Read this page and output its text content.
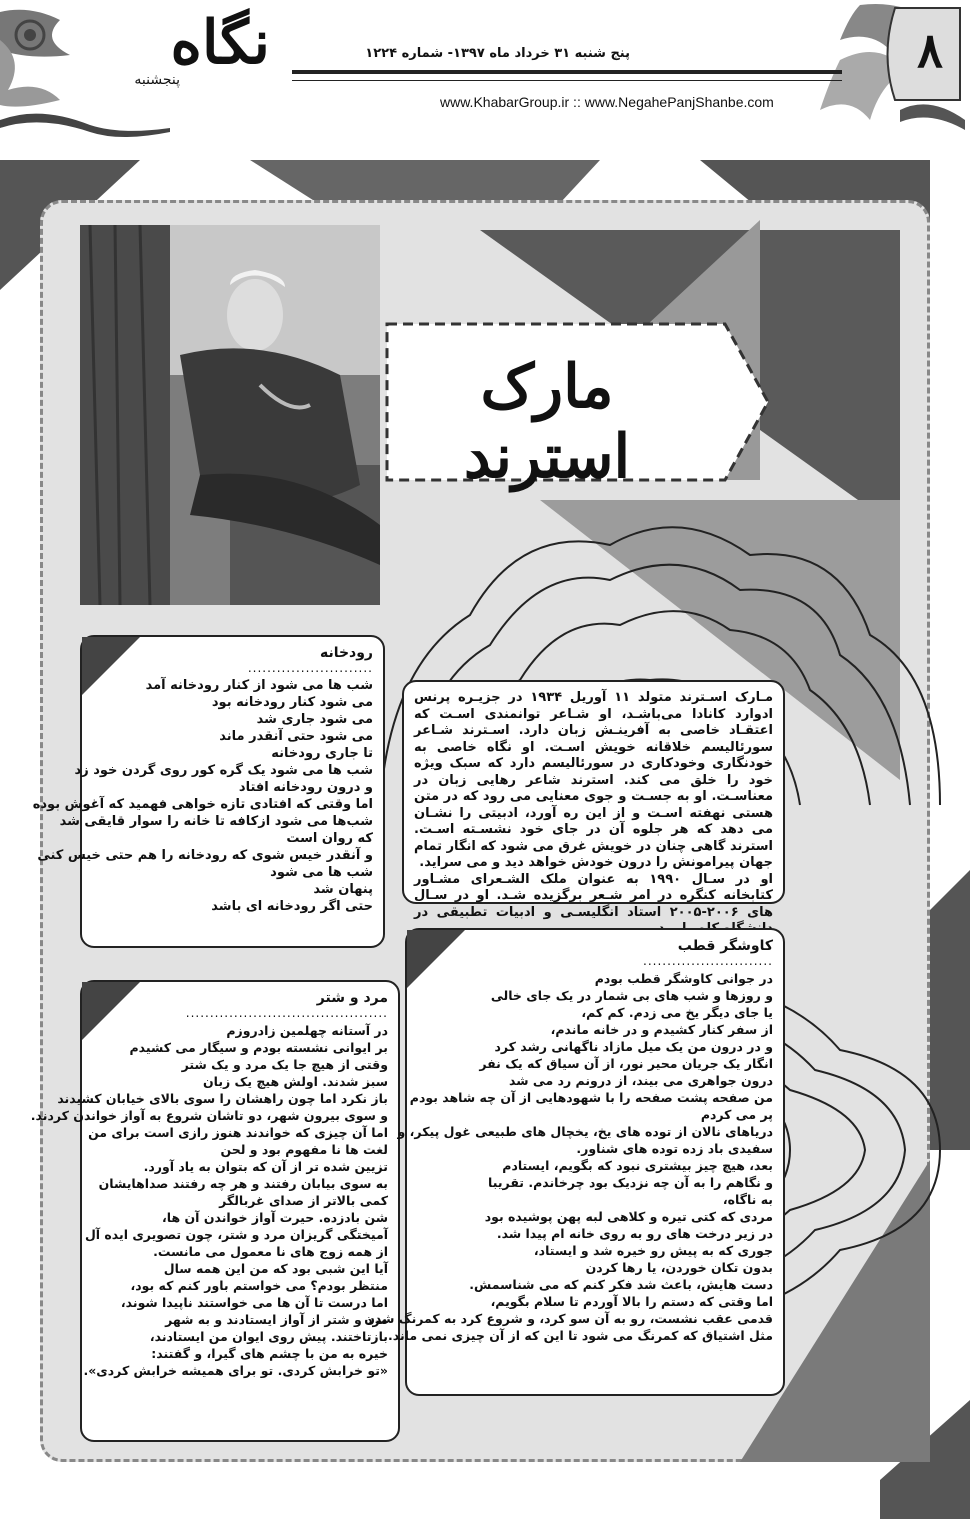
نگاه
پنجشنبه
پنج شنبه ۳۱ خرداد ماه ۱۳۹۷- شماره ۱۲۲۴
www.KhabarGroup.ir :: www.NegahePanjShanbe.com
۸
مارک استرند

مـارک اسـترند متولد ۱۱ آوریل ۱۹۳۴ در جزیـره پرنس ادوارد کانادا می‌باشـد، او شـاعر توانمندی اسـت که اعتقـاد خاصی به آفرینـش زبان دارد. اسـترند شـاعر سورئالیسم خلاقانه خویش اسـت. او نگاه خاصی به خودنگاری وخودکاری در سورئالیسم دارد که سبک ویژه خود را خلق می کند. استرند شاعر رهایی زبان در معناسـت. او به جسـت و جوی معنایی می رود که در متن هستی نهفته اسـت و از این ره آورد، ادبیتی را نشـان می دهد که هر جلوه آن در جای خود نشسـته اسـت. استرند گاهی چنان در خویش غرق می شود که انگار تمام جهان پیرامونش را درون خودش خواهد دید و می سراید.

او در سـال ۱۹۹۰ به عنوان ملک الشـعرای مشـاور کتابخانه کنگره در امر شـعر برگزیده شـد. او در سـال های ۲۰۰۶-۲۰۰۵ استاد انگلیسـی و ادبیات تطبیقی در

رودخانه
..........................
شب ها می شود از کنار رودخانه آمد
می شود کنار رودخانه بود
می شود جاری شد
می شود حتی آنقدر ماند
تا جاری رودخانه
شب ها می شود یک گره کور روی گردن خود زد
و درون رودخانه افتاد
اما وقتی که افتادی تازه خواهی فهمید که آغوش بوده
شب‌ها می شود ازکافه تا خانه را سوار قایقی شد
که روان است
و آنقدر خیس شوی که رودخانه را هم حتی خیس کنی
شب ها می شود
پنهان شد
حتی اگر رودخانه ای باشد
مرد و شتر
..........................................
در آستانه چهلمین زادروزم
بر ایوانی نشسته بودم و سیگار می کشیدم
وقتی از هیچ جا یک مرد و یک شتر
سبز شدند. اولش هیچ یک زبان
باز نکرد اما چون راهشان را سوی بالای خیابان کشیدند
و سوی بیرون شهر، دو تاشان شروع به آواز خواندن کردند.
اما آن چیزی که خواندند هنوز رازی است برای من
لغت ها نا مفهوم بود و لحن
تزیین شده تر از آن که بتوان به یاد آورد.
به سوی بیابان رفتند و هر چه رفتند صداهایشان
کمی بالاتر از صدای غربالگر
شن بادزده. حیرت آواز خواندن آن ها،
آمیختگی گریزان مرد و شتر، چون تصویری ایده آل
از همه زوج های نا معمول می مانست.
آیا این شبی بود که من این همه سال
منتظر بودم؟ می خواستم باور کنم که بود،
اما درست تا آن ها می خواستند ناپیدا شوند،
مرد و شتر از آواز ایستادند و به شهر
بازتاختند. پیش روی ایوان من ایستادند،
خیره به من با چشم های گیرا، و گفتند:
«تو خرابش کردی. تو برای همیشه خرابش کردی».
کاوشگر قطب
...........................
در جوانی کاوشگر قطب بودم
و روزها و شب های بی شمار در یک جای خالی
یا جای دیگر یخ می زدم. کم کم،
از سفر کنار کشیدم و در خانه ماندم،
و در درون من یک میل مازاد ناگهانی رشد کرد
انگار یک جریان محیر نور، از آن سیاق که یک نفر
درون جواهری می بیند، از درونم رد می شد
من صفحه پشت صفحه را با شهودهایی از آن چه شاهد بودم
پر می کردم
دریاهای نالان از توده های یخ، یخچال های طبیعی غول پیکر، و
سفیدی باد زده توده های شناور.
بعد، هیچ چیز بیشتری نبود که بگویم، ایستادم
و نگاهم را به آن چه نزدیک بود چرخاندم. تقریبا
به ناگاه،
مردی که کتی تیره و کلاهی لبه پهن پوشیده بود
در زیر درخت های رو به روی خانه ام پیدا شد.
جوری که به پیش رو خیره شد و ایستاد،
بدون تکان خوردن، یا رها کردن
دست هایش، باعث شد فکر کنم که می شناسمش.
اما وقتی که دستم را بالا آوردم تا سلام بگویم،
قدمی عقب نشست، رو به آن سو کرد، و شروع کرد به کمرنگ شدن
مثل اشتیاق که کمرنگ می شود تا این که از آن چیزی نمی ماند.
